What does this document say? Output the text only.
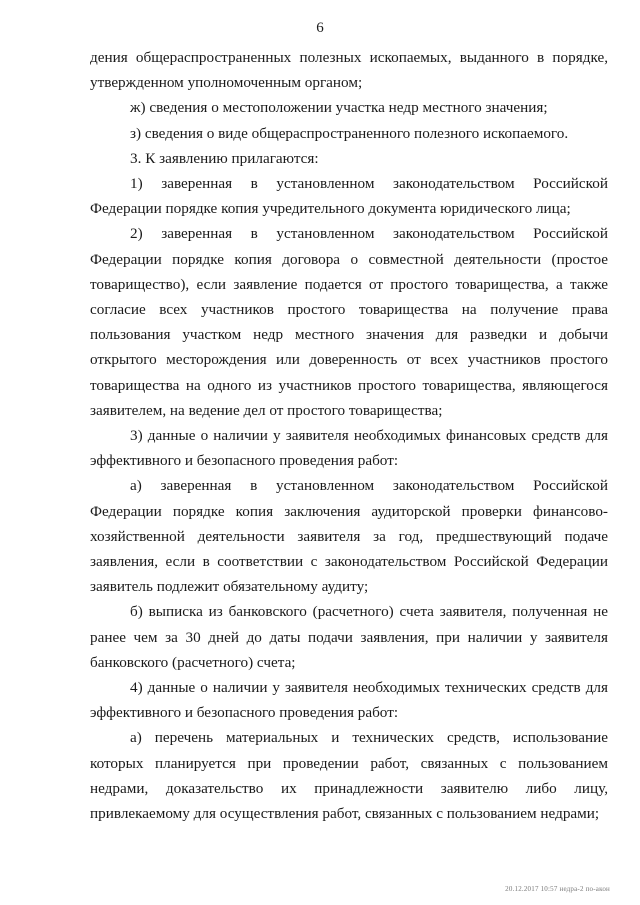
6

дения общераспространенных полезных ископаемых, выданного в порядке, утвержденном уполномоченным органом;

ж) сведения о местоположении участка недр местного значения;

з) сведения о виде общераспространенного полезного ископаемого.

3. К заявлению прилагаются:

1) заверенная в установленном законодательством Российской Федерации порядке копия учредительного документа юридического лица;

2) заверенная в установленном законодательством Российской Федерации порядке копия договора о совместной деятельности (простое товарищество), если заявление подается от простого товарищества, а также согласие всех участников простого товарищества на получение права пользования участком недр местного значения для разведки и добычи открытого месторождения или доверенность от всех участников простого товарищества на одного из участников простого товарищества, являющегося заявителем, на ведение дел от простого товарищества;

3) данные о наличии у заявителя необходимых финансовых средств для эффективного и безопасного проведения работ:

а) заверенная в установленном законодательством Российской Федерации порядке копия заключения аудиторской проверки финансово-хозяйственной деятельности заявителя за год, предшествующий подаче заявления, если в соответствии с законодательством Российской Федерации заявитель подлежит обязательному аудиту;

б) выписка из банковского (расчетного) счета заявителя, полученная не ранее чем за 30 дней до даты подачи заявления, при наличии у заявителя банковского (расчетного) счета;

4) данные о наличии у заявителя необходимых технических средств для эффективного и безопасного проведения работ:

а) перечень материальных и технических средств, использование которых планируется при проведении работ, связанных с пользованием недрами, доказательство их принадлежности заявителю либо лицу, привлекаемому для осуществления работ, связанных с пользованием недрами;

20.12.2017 10:57 недра-2 по-акон
